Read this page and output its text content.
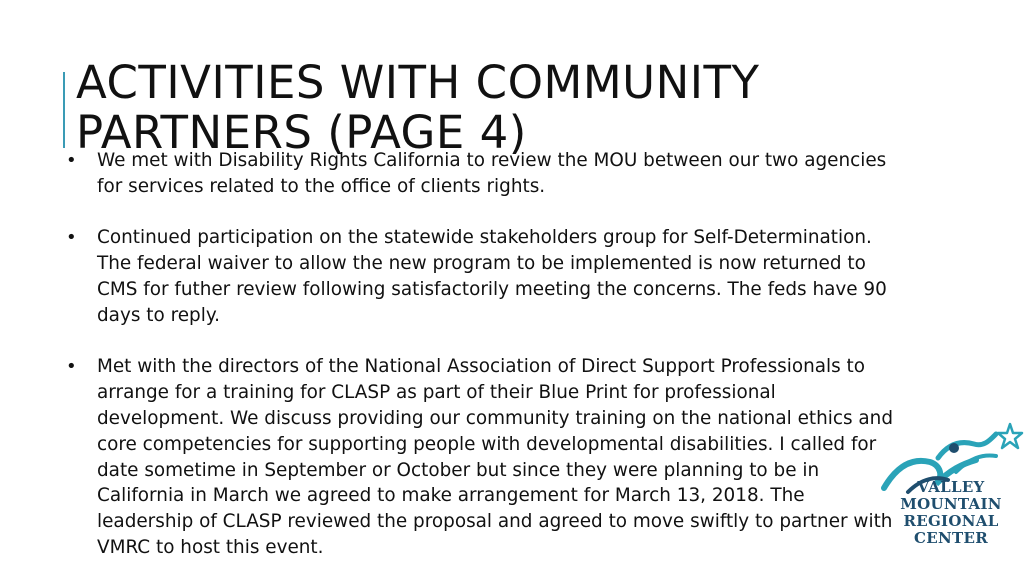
ACTIVITIES WITH COMMUNITY
PARTNERS (PAGE 4)
• We met with Disability Rights California to review the MOU between our two agencies
for services related to the office of clients rights.
• Continued participation on the statewide stakeholders group for Self-Determination.
The federal waiver to allow the new program to be implemented is now returned to
CMS for futher review following satisfactorily meeting the concerns. The feds have 90
days to reply.
• Met with the directors of the National Association of Direct Support Professionals to
arrange for a training for CLASP as part of their Blue Print for professional
development. We discuss providing our community training on the national ethics and
core competencies for supporting people with developmental disabilities. I called for
date sometime in September or October but since they were planning to be in
California in March we agreed to make arrangement for March 13, 2018. The
leadership of CLASP reviewed the proposal and agreed to move swiftly to partner with
VMRC to host this event.
VALLEY
MOUNTAIN
REGIONAL
CENTER
